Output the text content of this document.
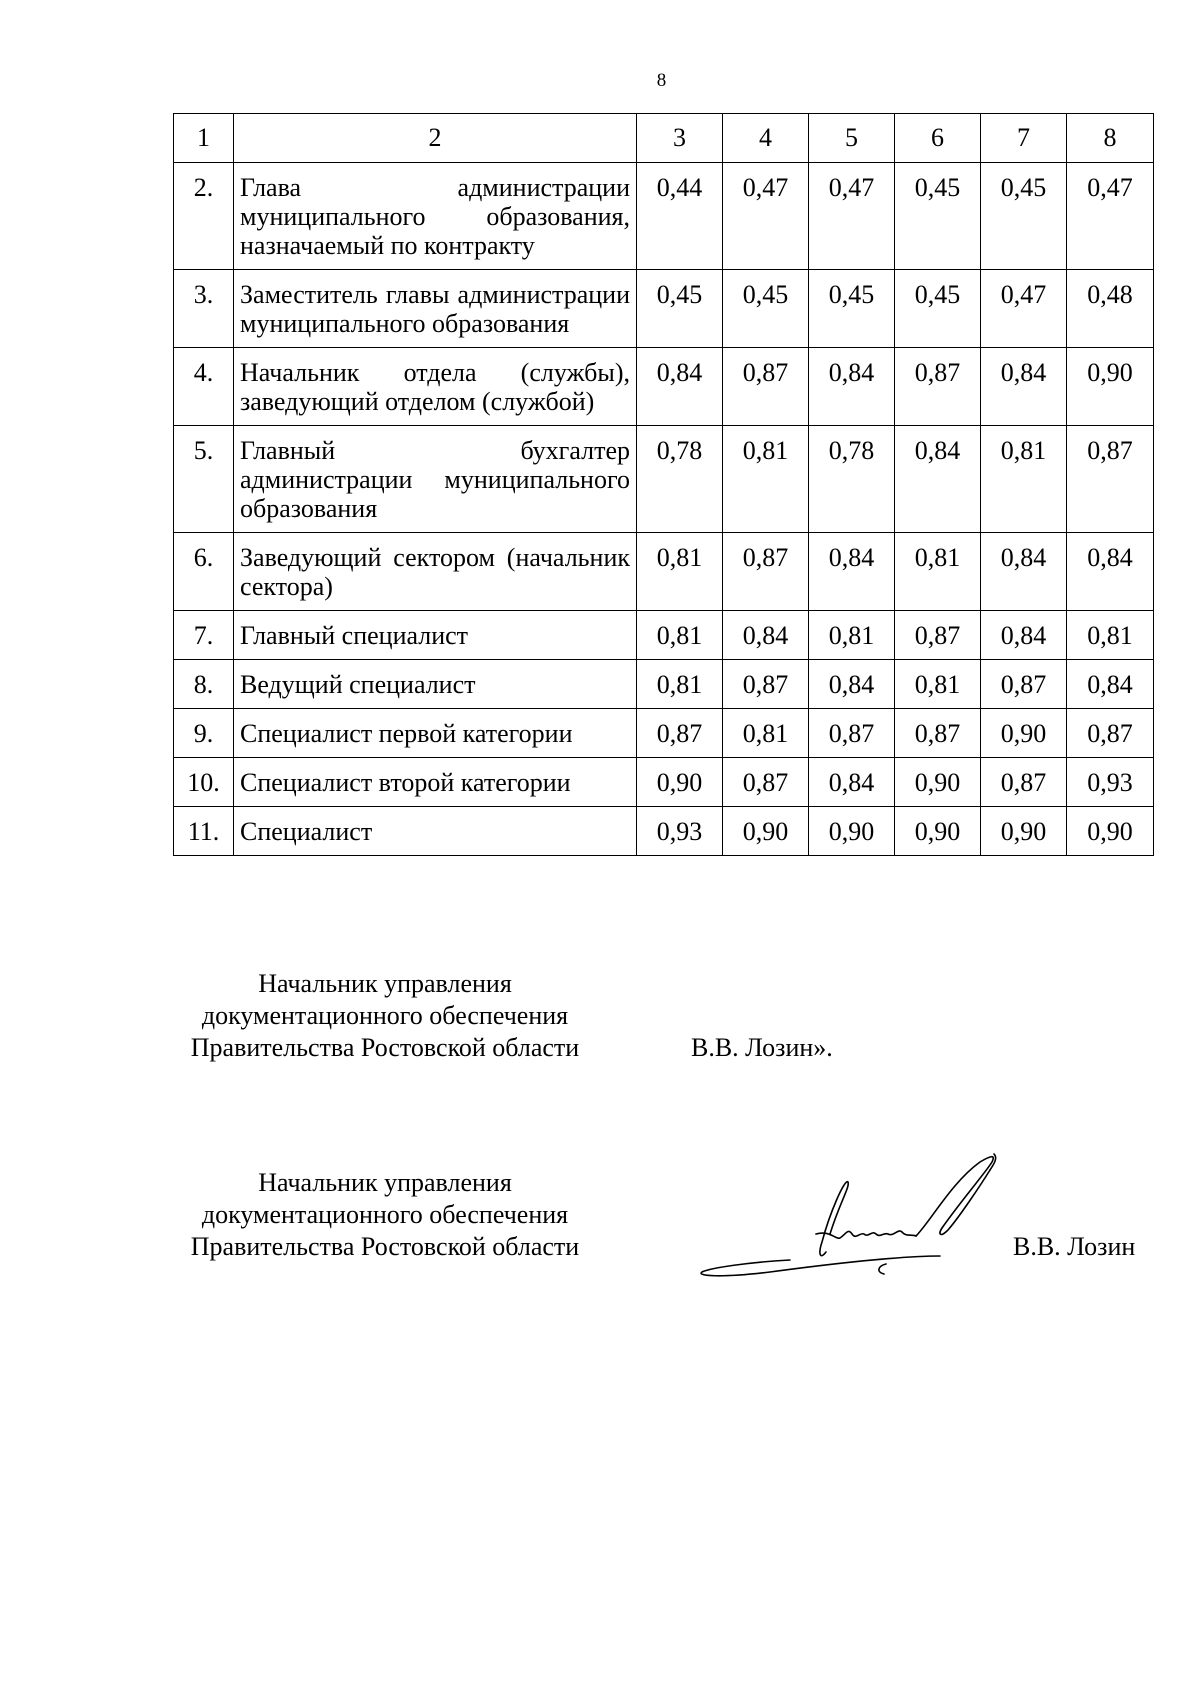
8
1	2	3	4	5	6	7	8
2.	Глава администрации муниципального образования, назначаемый по контракту	0,44	0,47	0,47	0,45	0,45	0,47
3.	Заместитель главы администрации муниципального образования	0,45	0,45	0,45	0,45	0,47	0,48
4.	Начальник отдела (службы), заведующий отделом (службой)	0,84	0,87	0,84	0,87	0,84	0,90
5.	Главный бухгалтер администрации муниципального образования	0,78	0,81	0,78	0,84	0,81	0,87
6.	Заведующий сектором (начальник сектора)	0,81	0,87	0,84	0,81	0,84	0,84
7.	Главный специалист	0,81	0,84	0,81	0,87	0,84	0,81
8.	Ведущий специалист	0,81	0,87	0,84	0,81	0,87	0,84
9.	Специалист первой категории	0,87	0,81	0,87	0,87	0,90	0,87
10.	Специалист второй категории	0,90	0,87	0,84	0,90	0,87	0,93
11.	Специалист	0,93	0,90	0,90	0,90	0,90	0,90
Начальник управления
документационного обеспечения
Правительства Ростовской области	В.В. Лозин».
Начальник управления
документационного обеспечения
Правительства Ростовской области	В.В. Лозин
